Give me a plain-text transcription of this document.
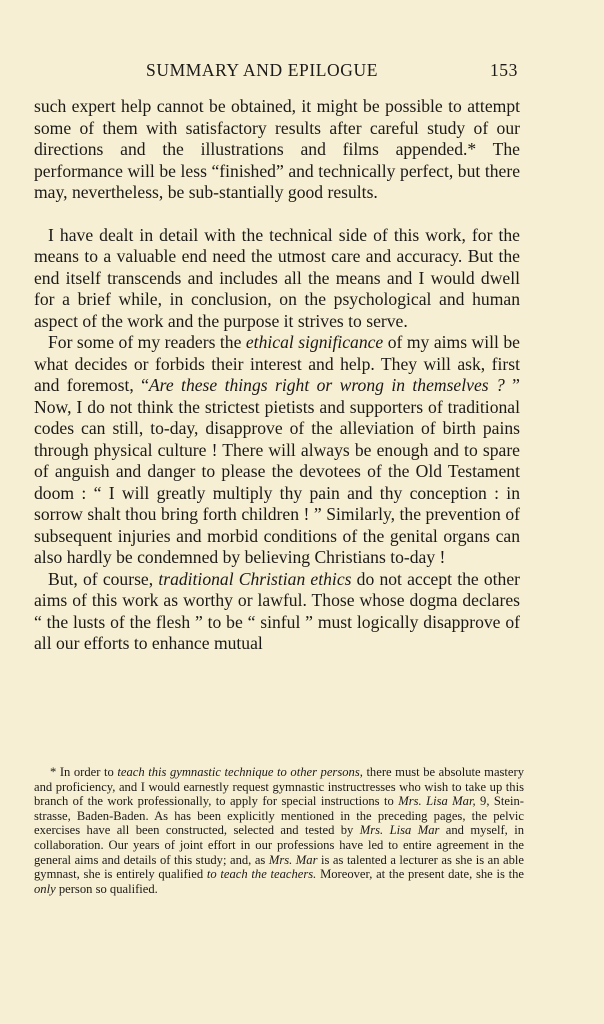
SUMMARY AND EPILOGUE	153

such expert help cannot be obtained, it might be possible to attempt some of them with satisfactory results after careful study of our directions and the illustrations and films appended.* The performance will be less “finished” and technically perfect, but there may, nevertheless, be sub-stantially good results.

I have dealt in detail with the technical side of this work, for the means to a valuable end need the utmost care and accuracy. But the end itself transcends and includes all the means and I would dwell for a brief while, in conclusion, on the psychological and human aspect of the work and the purpose it strives to serve.

For some of my readers the ethical significance of my aims will be what decides or forbids their interest and help. They will ask, first and foremost, “Are these things right or wrong in themselves ? ” Now, I do not think the strictest pietists and supporters of traditional codes can still, to-day, disapprove of the alleviation of birth pains through physical culture ! There will always be enough and to spare of anguish and danger to please the devotees of the Old Testament doom : “ I will greatly multiply thy pain and thy conception : in sorrow shalt thou bring forth children ! ” Similarly, the prevention of subsequent injuries and morbid conditions of the genital organs can also hardly be condemned by believing Christians to-day !

But, of course, traditional Christian ethics do not accept the other aims of this work as worthy or lawful. Those whose dogma declares “ the lusts of the flesh ” to be “ sinful ” must logically disapprove of all our efforts to enhance mutual

* In order to teach this gymnastic technique to other persons, there must be absolute mastery and proficiency, and I would earnestly request gymnastic instructresses who wish to take up this branch of the work professionally, to apply for special instructions to Mrs. Lisa Mar, 9, Stein-strasse, Baden-Baden. As has been explicitly mentioned in the preceding pages, the pelvic exercises have all been constructed, selected and tested by Mrs. Lisa Mar and myself, in collaboration. Our years of joint effort in our professions have led to entire agreement in the general aims and details of this study; and, as Mrs. Mar is as talented a lecturer as she is an able gymnast, she is entirely qualified to teach the teachers. Moreover, at the present date, she is the only person so qualified.
